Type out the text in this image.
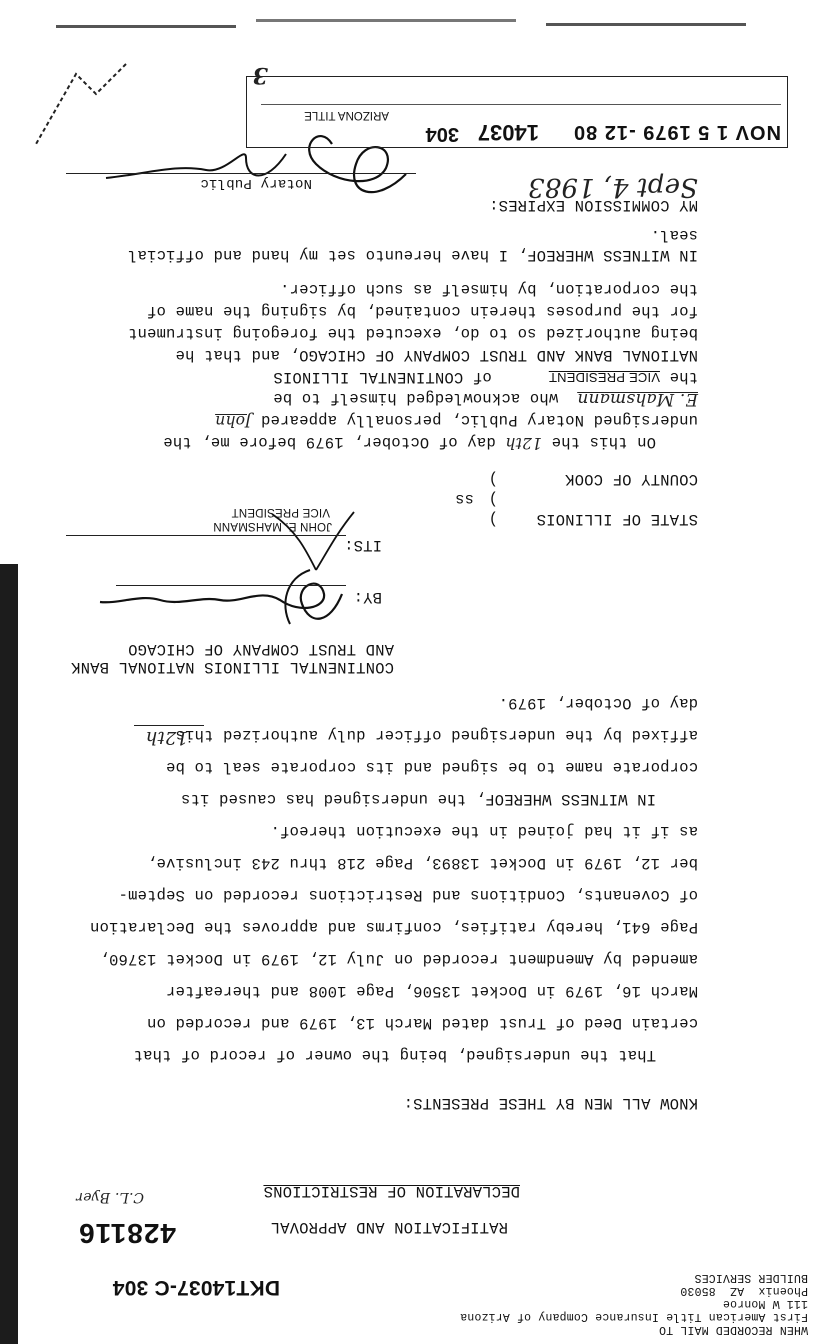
WHEN RECORDED MAIL TO
First American Title Insurance Company of Arizona
111 W Monroe
Phoenix  AZ  85030
BUILDER SERVICES
DKT14037-C 304
428116
C.L. Byer
RATIFICATION AND APPROVAL
DECLARATION OF RESTRICTIONS
KNOW ALL MEN BY THESE PRESENTS:
That the undersigned, being the owner of record of that
certain Deed of Trust dated March 13, 1979 and recorded on
March 16, 1979 in Docket 13506, Page 1008 and thereafter
amended by Amendment recorded on July 12, 1979 in Docket 13760,
Page 641, hereby ratifies, confirms and approves the Declaration
of Covenants, Conditions and Restrictions recorded on Septem-
ber 12, 1979 in Docket 13893, Page 218 thru 243 inclusive,
as if it had joined in the execution thereof.
IN WITNESS WHEREOF, the undersigned has caused its
corporate name to be signed and its corporate seal to be
affixed by the undersigned officer duly authorized this
12th
day of October, 1979.
CONTINENTAL ILLINOIS NATIONAL BANK
AND TRUST COMPANY OF CHICAGO
BY:
ITS:
JOHN E. MAHSMANN
VICE PRESIDENT	STATE OF ILLINOIS
)
)
ss
)	COUNTY OF COOK
On this the 12th day of October, 1979 before me, the
undersigned Notary Public, personally appeared John
E. Mahsmann  who acknowledged himself to be
the VICE PRESIDENT      of CONTINENTAL ILLINOIS
NATIONAL BANK AND TRUST COMPANY OF CHICAGO, and that he
being authorized so to do, executed the foregoing instrument
for the purposes therein contained, by signing the name of
the corporation, by himself as such officer.
IN WITNESS WHEREOF, I have hereunto set my hand and official
seal.
MY COMMISSION EXPIRES:
Sept 4, 1983
Notary Public
NOV 1 5 1979 -12 80
14037
304
ARIZONA TITLE
3
